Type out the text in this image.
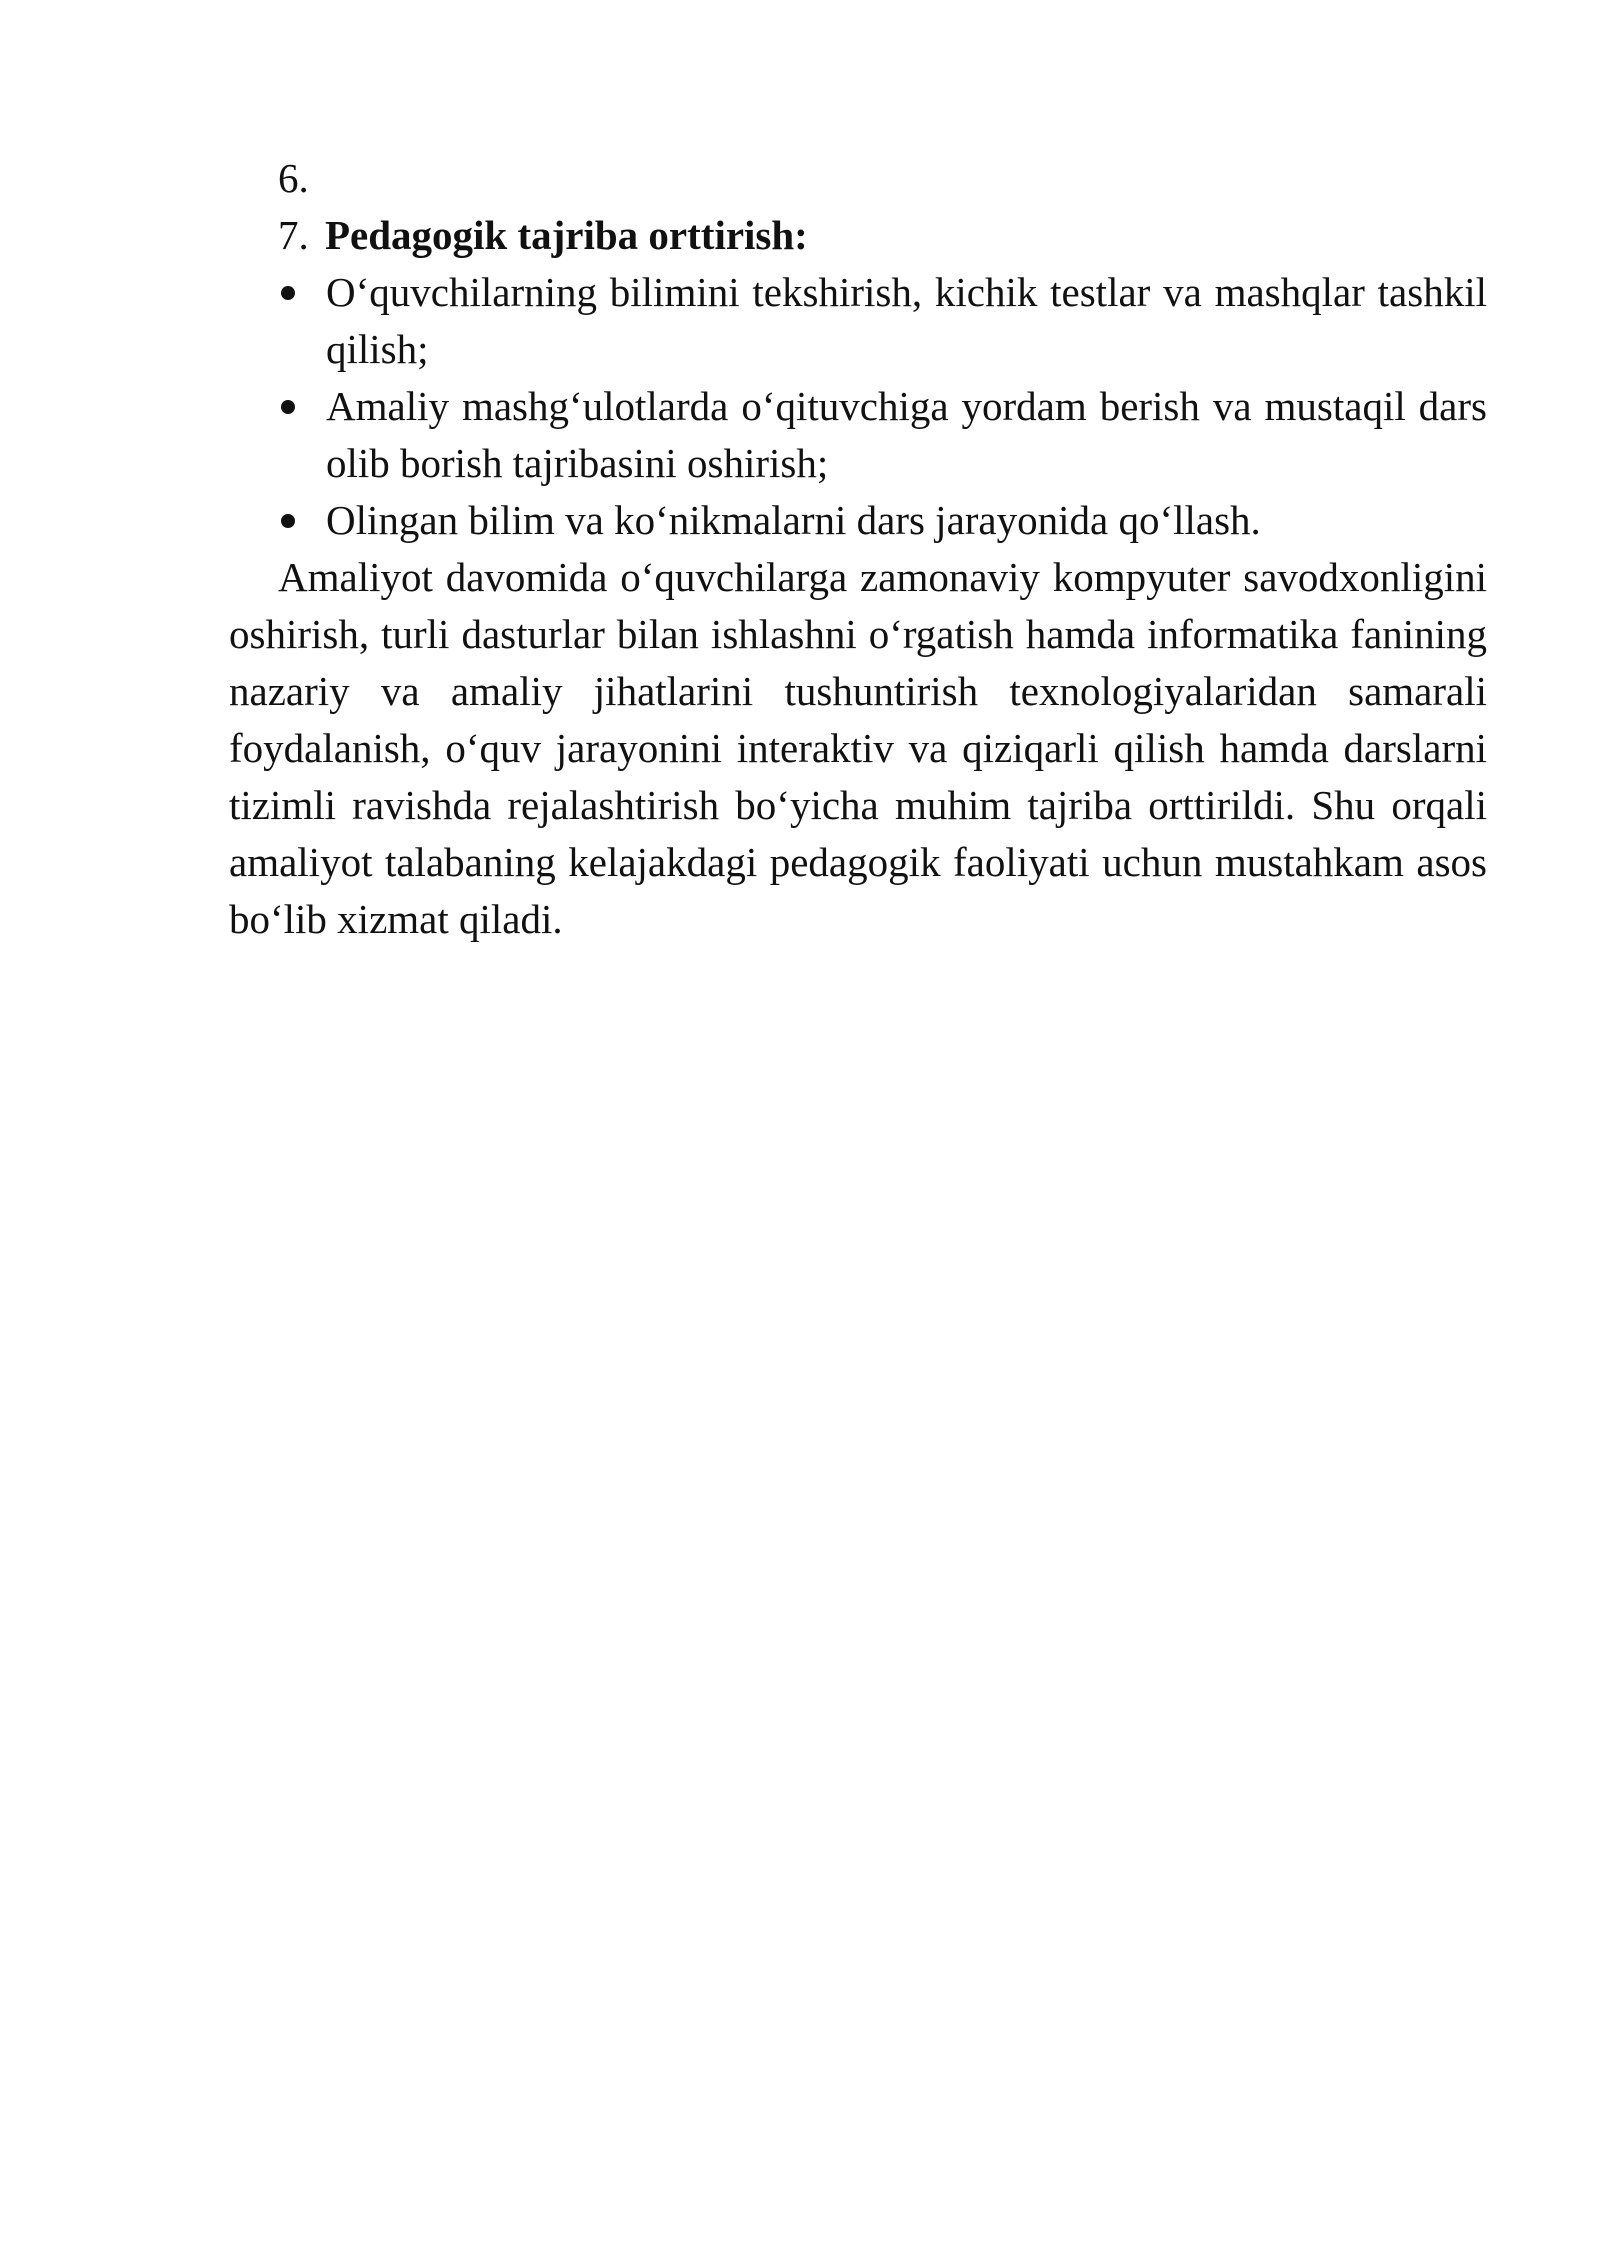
6.
7. Pedagogik tajriba orttirish:
O‘quvchilarning bilimini tekshirish, kichik testlar va mashqlar tashkil qilish;
Amaliy mashg‘ulotlarda o‘qituvchiga yordam berish va mustaqil dars olib borish tajribasini oshirish;
Olingan bilim va ko‘nikmalarni dars jarayonida qo‘llash.

Amaliyot davomida o‘quvchilarga zamonaviy kompyuter savodxonligini oshirish, turli dasturlar bilan ishlashni o‘rgatish hamda informatika fanining nazariy va amaliy jihatlarini tushuntirish texnologiyalaridan samarali foydalanish, o‘quv jarayonini interaktiv va qiziqarli qilish hamda darslarni tizimli ravishda rejalashtirish bo‘yicha muhim tajriba orttirildi. Shu orqali amaliyot talabaning kelajakdagi pedagogik faoliyati uchun mustahkam asos bo‘lib xizmat qiladi.
